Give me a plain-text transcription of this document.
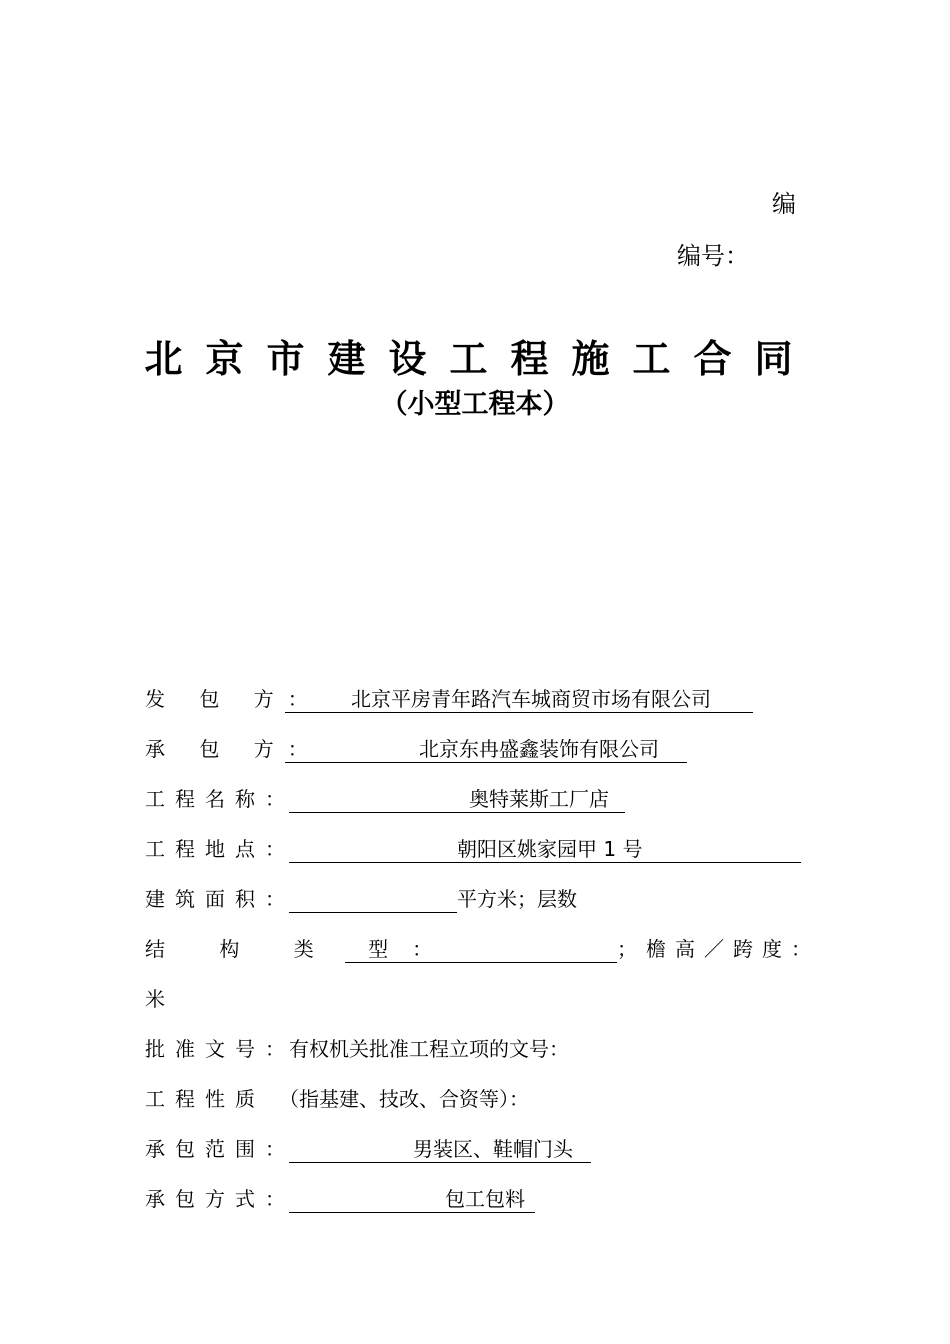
编
编号：
北京市建设工程施工合同
（小型工程本）
发 包 方： 北京平房青年路汽车城商贸市场有限公司
承 包 方：	北京东冉盛鑫装饰有限公司
工程名称：	奥特莱斯工厂店
工程地点：	朝阳区姚家园甲 1 号
建筑面积：	平方米；层数
结 构 类 型：	；檐高／跨度：
米
批准文号：有权机关批准工程立项的文号：
工程性质 （指基建、技改、合资等）：
承包范围：	男装区、鞋帽门头
承包方式：	包工包料
